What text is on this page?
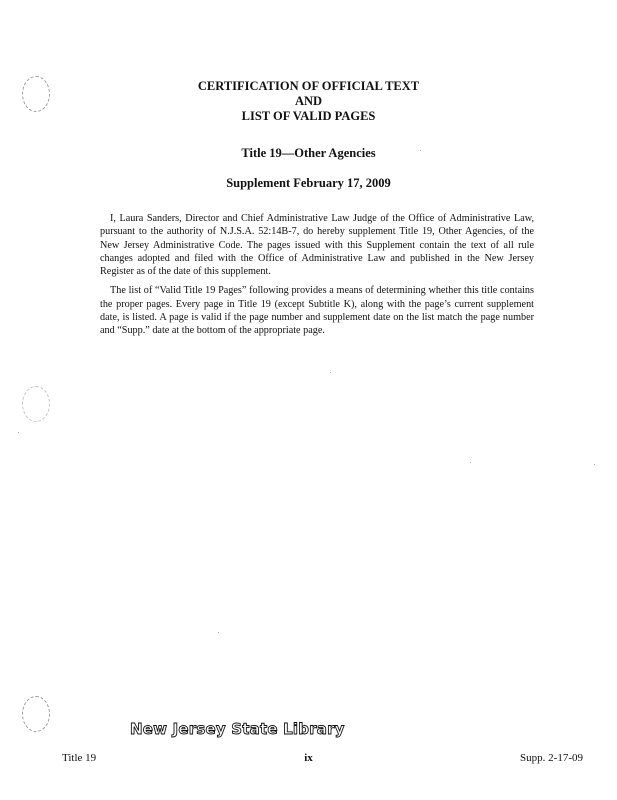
CERTIFICATION OF OFFICIAL TEXT
AND
LIST OF VALID PAGES
Title 19—Other Agencies
Supplement February 17, 2009

I, Laura Sanders, Director and Chief Administrative Law Judge of the Office of Administrative Law, pursuant to the authority of N.J.S.A. 52:14B-7, do hereby supplement Title 19, Other Agencies, of the New Jersey Administrative Code. The pages issued with this Supplement contain the text of all rule changes adopted and filed with the Office of Administrative Law and published in the New Jersey Register as of the date of this supplement.

The list of “Valid Title 19 Pages” following provides a means of determining whether this title contains the proper pages. Every page in Title 19 (except Subtitle K), along with the page’s current supplement date, is listed. A page is valid if the page number and supplement date on the list match the page number and “Supp.” date at the bottom of the appropriate page.

New Jersey State Library
Title 19	ix	Supp. 2-17-09
